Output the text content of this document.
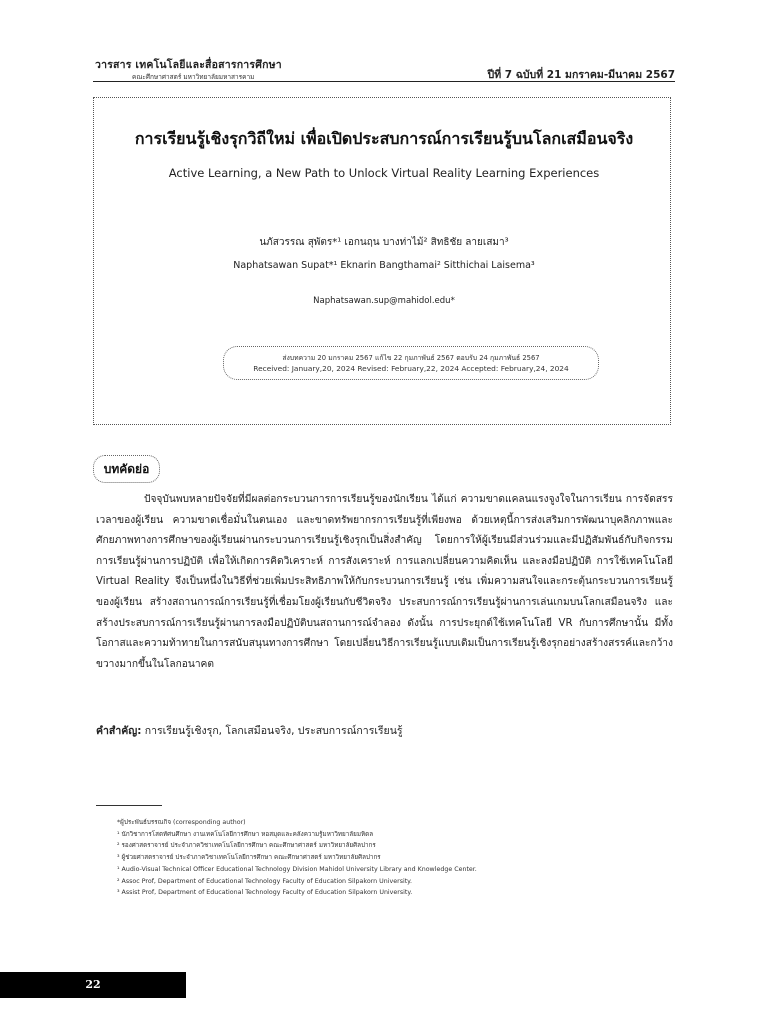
วารสาร เทคโนโลยีและสื่อสารการศึกษา
คณะศึกษาศาสตร์ มหาวิทยาลัยมหาสารคาม	ปีที่ 7 ฉบับที่ 21 มกราคม-มีนาคม 2567
การเรียนรู้เชิงรุกวิถีใหม่ เพื่อเปิดประสบการณ์การเรียนรู้บนโลกเสมือนจริง
Active Learning, a New Path to Unlock Virtual Reality Learning Experiences
นภัสวรรณ สุพัตร*¹ เอกนฤน บางท่าไม้² สิทธิชัย ลายเสมา³
Naphatsawan Supat*¹ Eknarin Bangthamai² Sitthichai Laisema³
Naphatsawan.sup@mahidol.edu*
ส่งบทความ 20 มกราคม 2567 แก้ไข 22 กุมภาพันธ์ 2567 ตอบรับ 24 กุมภาพันธ์ 2567
Received: January,20, 2024 Revised: February,22, 2024 Accepted: February,24, 2024
บทคัดย่อ

ปัจจุบันพบหลายปัจจัยที่มีผลต่อกระบวนการการเรียนรู้ของนักเรียน ได้แก่ ความขาดแคลนแรงจูงใจในการเรียน การจัดสรรเวลาของผู้เรียน ความขาดเชื่อมั่นในตนเอง และขาดทรัพยากรการเรียนรู้ที่เพียงพอ ด้วยเหตุนี้การส่งเสริมการพัฒนาบุคลิกภาพและศักยภาพทางการศึกษาของผู้เรียนผ่านกระบวนการเรียนรู้เชิงรุกเป็นสิ่งสำคัญ โดยการให้ผู้เรียนมีส่วนร่วมและมีปฏิสัมพันธ์กับกิจกรรมการเรียนรู้ผ่านการปฏิบัติ เพื่อให้เกิดการคิดวิเคราะห์ การสังเคราะห์ การแลกเปลี่ยนความคิดเห็น และลงมือปฏิบัติ การใช้เทคโนโลยี Virtual Reality จึงเป็นหนึ่งในวิธีที่ช่วยเพิ่มประสิทธิภาพให้กับกระบวนการเรียนรู้ เช่น เพิ่มความสนใจและกระตุ้นกระบวนการเรียนรู้ของผู้เรียน สร้างสถานการณ์การเรียนรู้ที่เชื่อมโยงผู้เรียนกับชีวิตจริง ประสบการณ์การเรียนรู้ผ่านการเล่นเกมบนโลกเสมือนจริง และสร้างประสบการณ์การเรียนรู้ผ่านการลงมือปฏิบัติบนสถานการณ์จำลอง ดังนั้น การประยุกต์ใช้เทคโนโลยี VR กับการศึกษานั้น มีทั้งโอกาสและความท้าทายในการสนับสนุนทางการศึกษา โดยเปลี่ยนวิธีการเรียนรู้แบบเดิมเป็นการเรียนรู้เชิงรุกอย่างสร้างสรรค์และกว้างขวางมากขึ้นในโลกอนาคต

คำสำคัญ: การเรียนรู้เชิงรุก, โลกเสมือนจริง, ประสบการณ์การเรียนรู้
*ผู้ประพันธ์บรรณกิจ (corresponding author)
¹ นักวิชาการโสตทัศนศึกษา งานเทคโนโลยีการศึกษา หอสมุดและคลังความรู้มหาวิทยาลัยมหิดล
² รองศาสตราจารย์ ประจำภาควิชาเทคโนโลยีการศึกษา คณะศึกษาศาสตร์ มหาวิทยาลัยศิลปากร
³ ผู้ช่วยศาสตราจารย์ ประจำภาควิชาเทคโนโลยีการศึกษา คณะศึกษาศาสตร์ มหาวิทยาลัยศิลปากร
¹ Audio-Visual Technical Officer Educational Technology Division Mahidol University Library and Knowledge Center.
² Assoc Prof, Department of Educational Technology Faculty of Education Silpakorn University.
³ Assist Prof, Department of Educational Technology Faculty of Education Silpakorn University.
22
